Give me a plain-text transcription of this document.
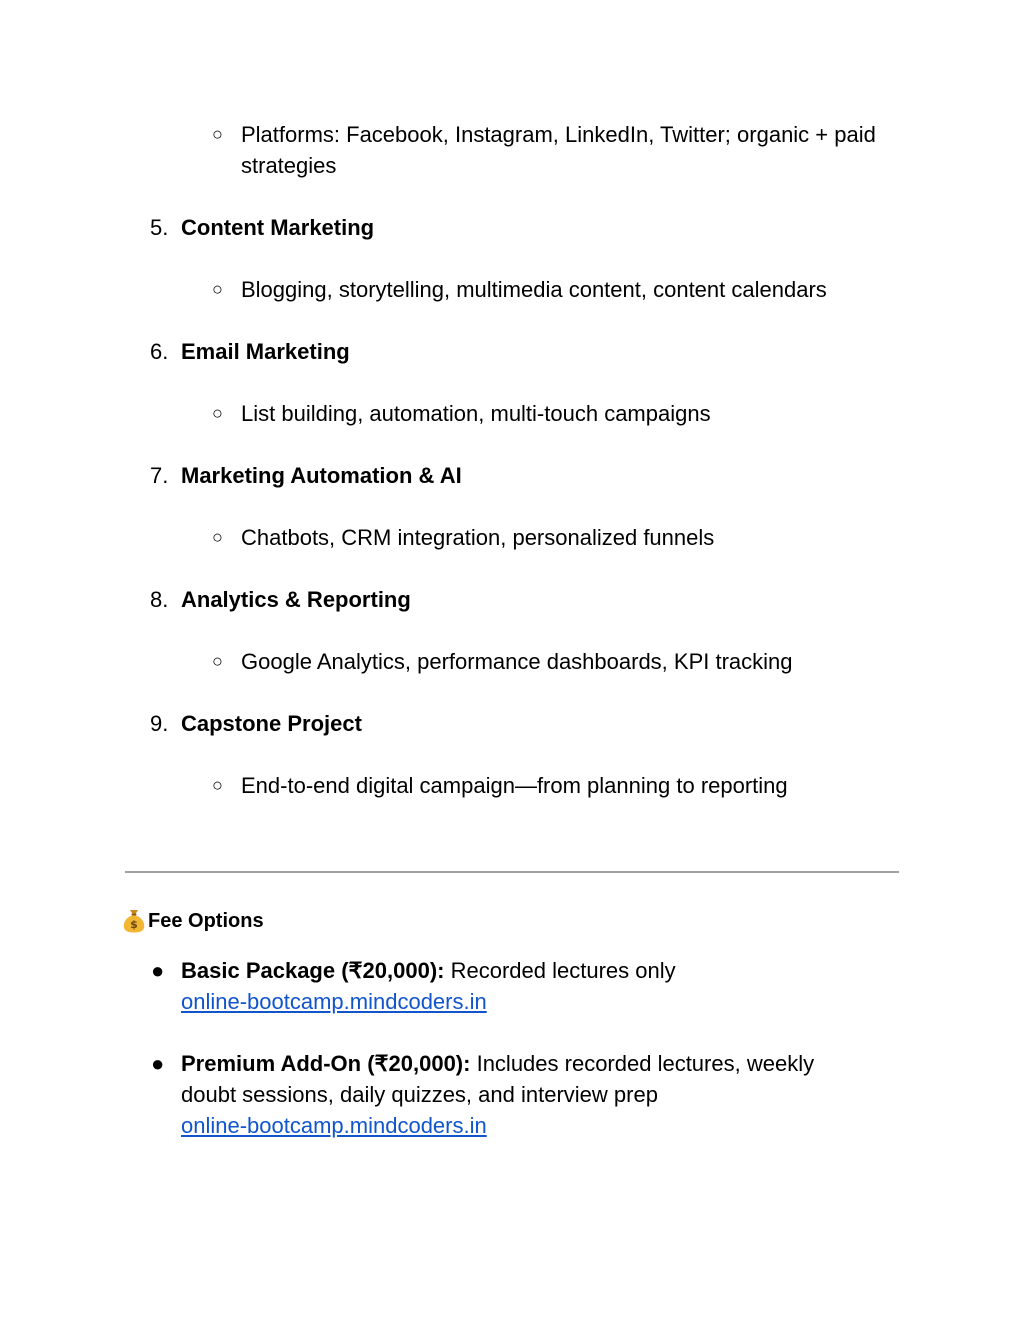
○ Platforms: Facebook, Instagram, LinkedIn, Twitter; organic + paid strategies
5. Content Marketing
○ Blogging, storytelling, multimedia content, content calendars
6. Email Marketing
○ List building, automation, multi-touch campaigns
7. Marketing Automation & AI
○ Chatbots, CRM integration, personalized funnels
8. Analytics & Reporting
○ Google Analytics, performance dashboards, KPI tracking
9. Capstone Project
○ End-to-end digital campaign—from planning to reporting
$ Fee Options
● Basic Package (₹20,000): Recorded lectures only
online-bootcamp.mindcoders.in
● Premium Add‑On (₹20,000): Includes recorded lectures, weekly doubt sessions, daily quizzes, and interview prep
online-bootcamp.mindcoders.in
